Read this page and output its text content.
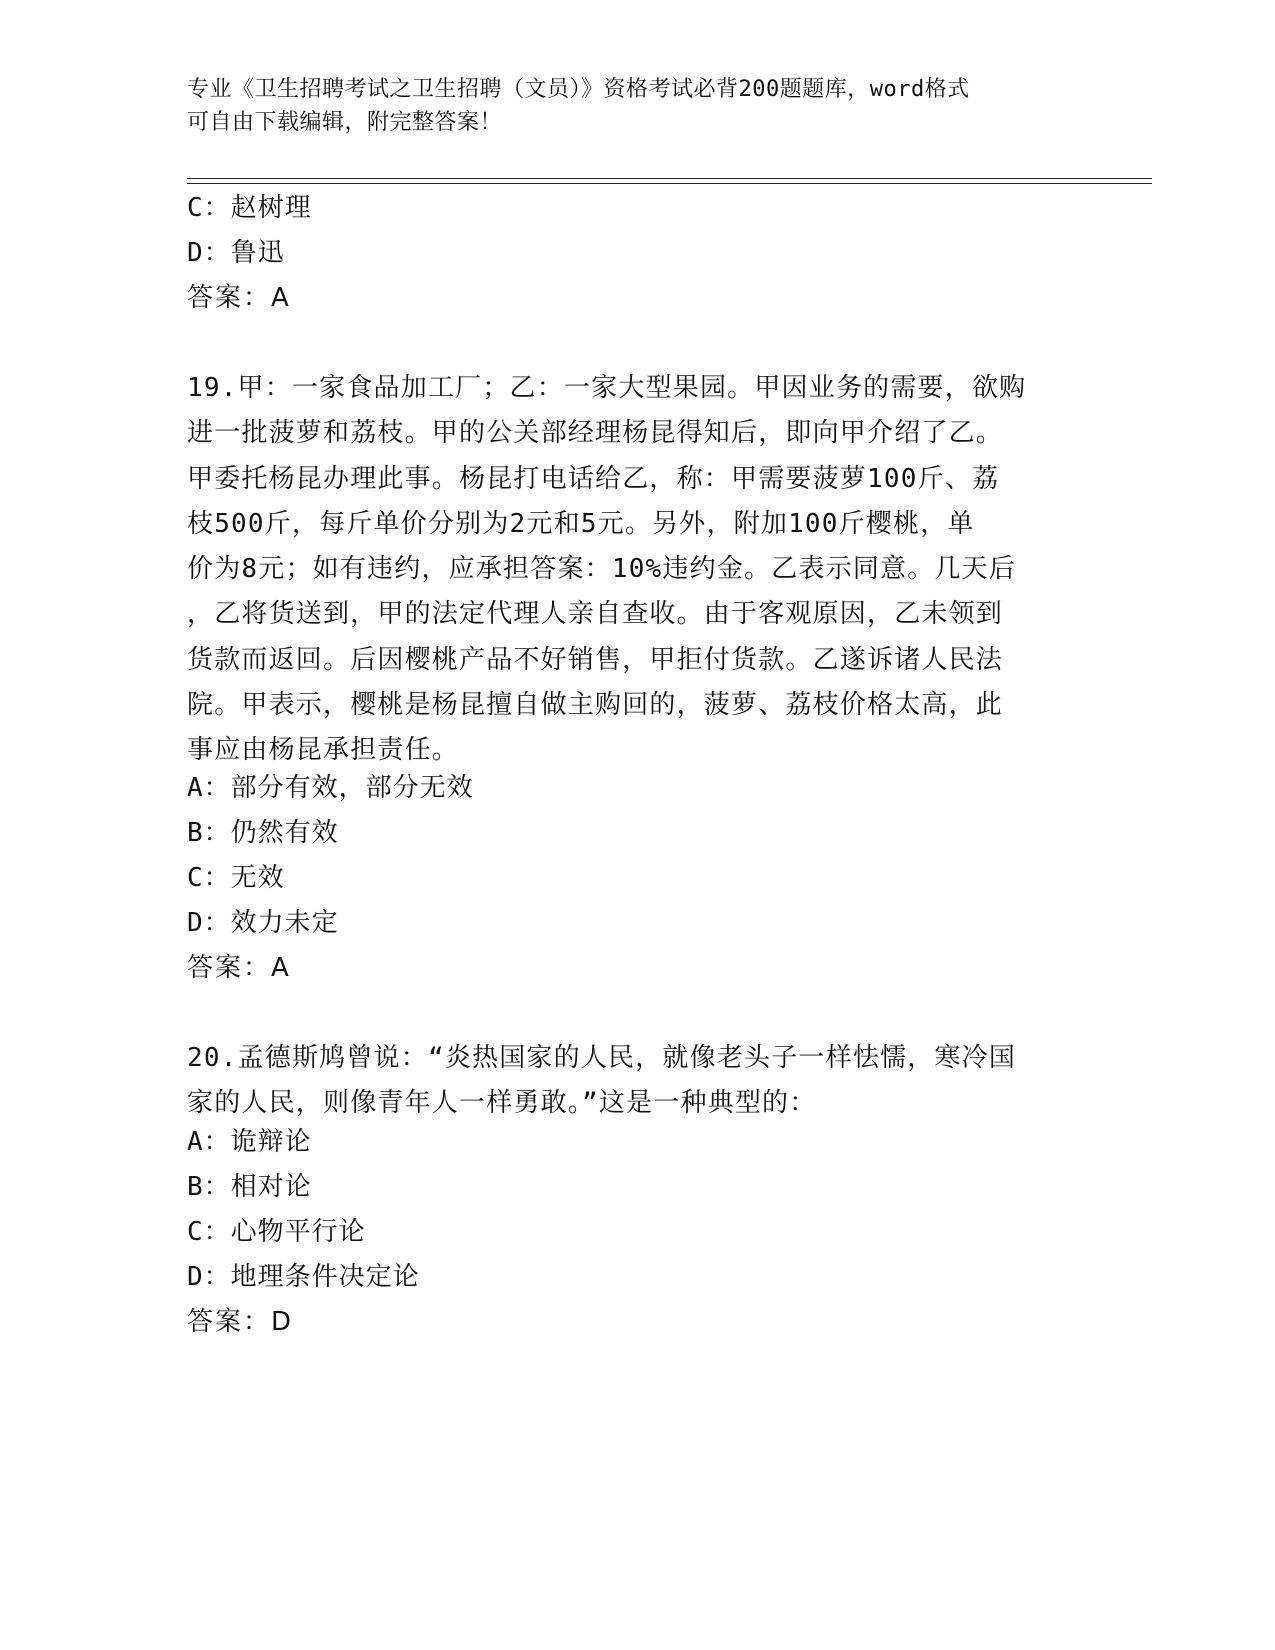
专业《卫生招聘考试之卫生招聘（文员）》资格考试必背200题题库，word格式
可自由下载编辑，附完整答案！
C：赵树理
D：鲁迅
答案：A

19.甲：一家食品加工厂；乙：一家大型果园。甲因业务的需要，欲购

进一批菠萝和荔枝。甲的公关部经理杨昆得知后，即向甲介绍了乙。

甲委托杨昆办理此事。杨昆打电话给乙，称：甲需要菠萝100斤、荔

枝500斤，每斤单价分别为2元和5元。另外，附加100斤樱桃，单

价为8元；如有违约，应承担答案：10%违约金。乙表示同意。几天后

，乙将货送到，甲的法定代理人亲自查收。由于客观原因，乙未领到

货款而返回。后因樱桃产品不好销售，甲拒付货款。乙遂诉诸人民法

院。甲表示，樱桃是杨昆擅自做主购回的，菠萝、荔枝价格太高，此

事应由杨昆承担责任。

A：部分有效，部分无效
B：仍然有效
C：无效
D：效力未定
答案：A

20.孟德斯鸠曾说：“炎热国家的人民，就像老头子一样怯懦，寒冷国

家的人民，则像青年人一样勇敢。”这是一种典型的：

A：诡辩论
B：相对论
C：心物平行论
D：地理条件决定论
答案：D
